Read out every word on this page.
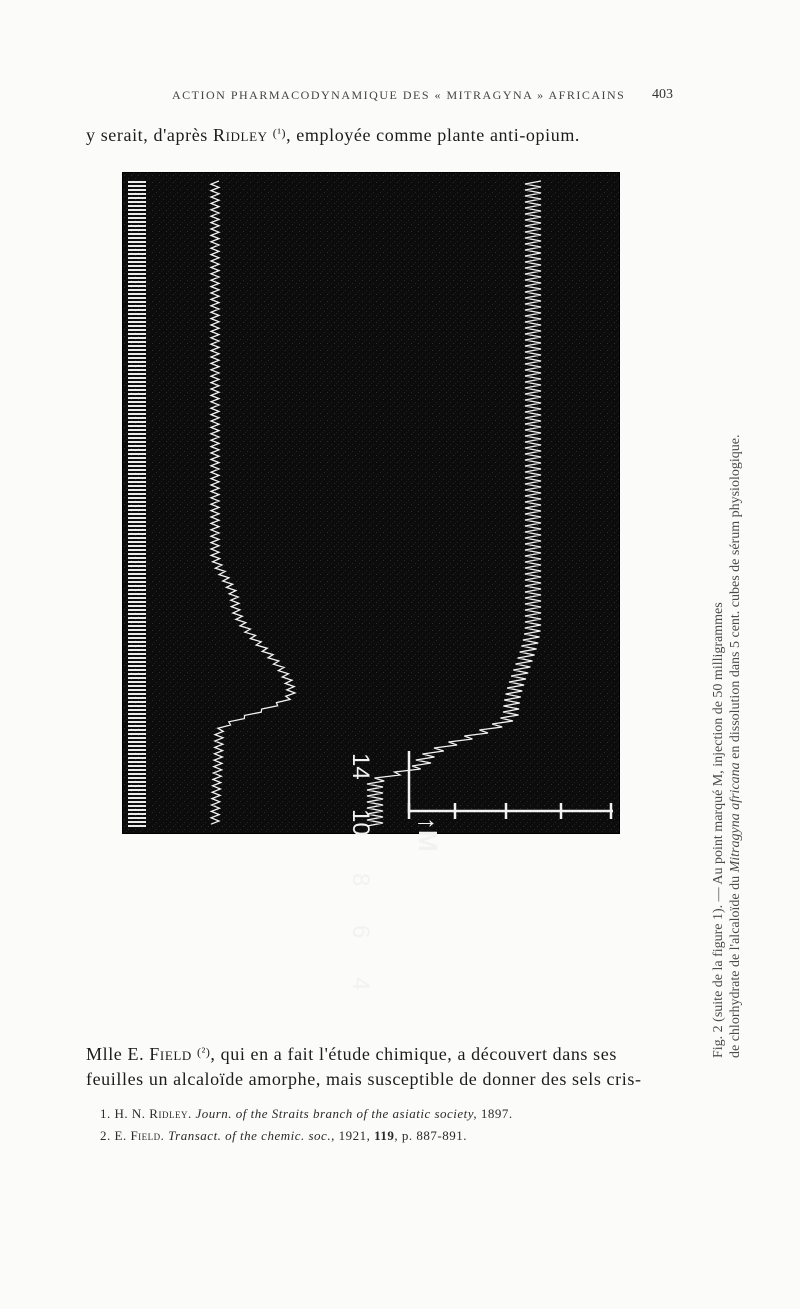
ACTION PHARMACODYNAMIQUE DES « MITRAGYNA » AFRICAINS 403
y serait, d'après Ridley $^{(^1)}$, employée comme plante anti-opium.
14
10
8
6
4
↑M	Fig. 2 (suite de la figure 1). — Au point marqué M, injection de 50 milligrammes de chlorhydrate de l'alcaloïde du Mitragyna africana en dissolution dans 5 cent. cubes de sérum physiologique.
Mlle E. Field $^{(^2)}$, qui en a fait l'étude chimique, a découvert dans ses
feuilles un alcaloïde amorphe, mais susceptible de donner des sels cris-
1. H. N. Ridley. Journ. of the Straits branch of the asiatic society, 1897.
2. E. Field. Transact. of the chemic. soc., 1921, 119, p. 887-891.
